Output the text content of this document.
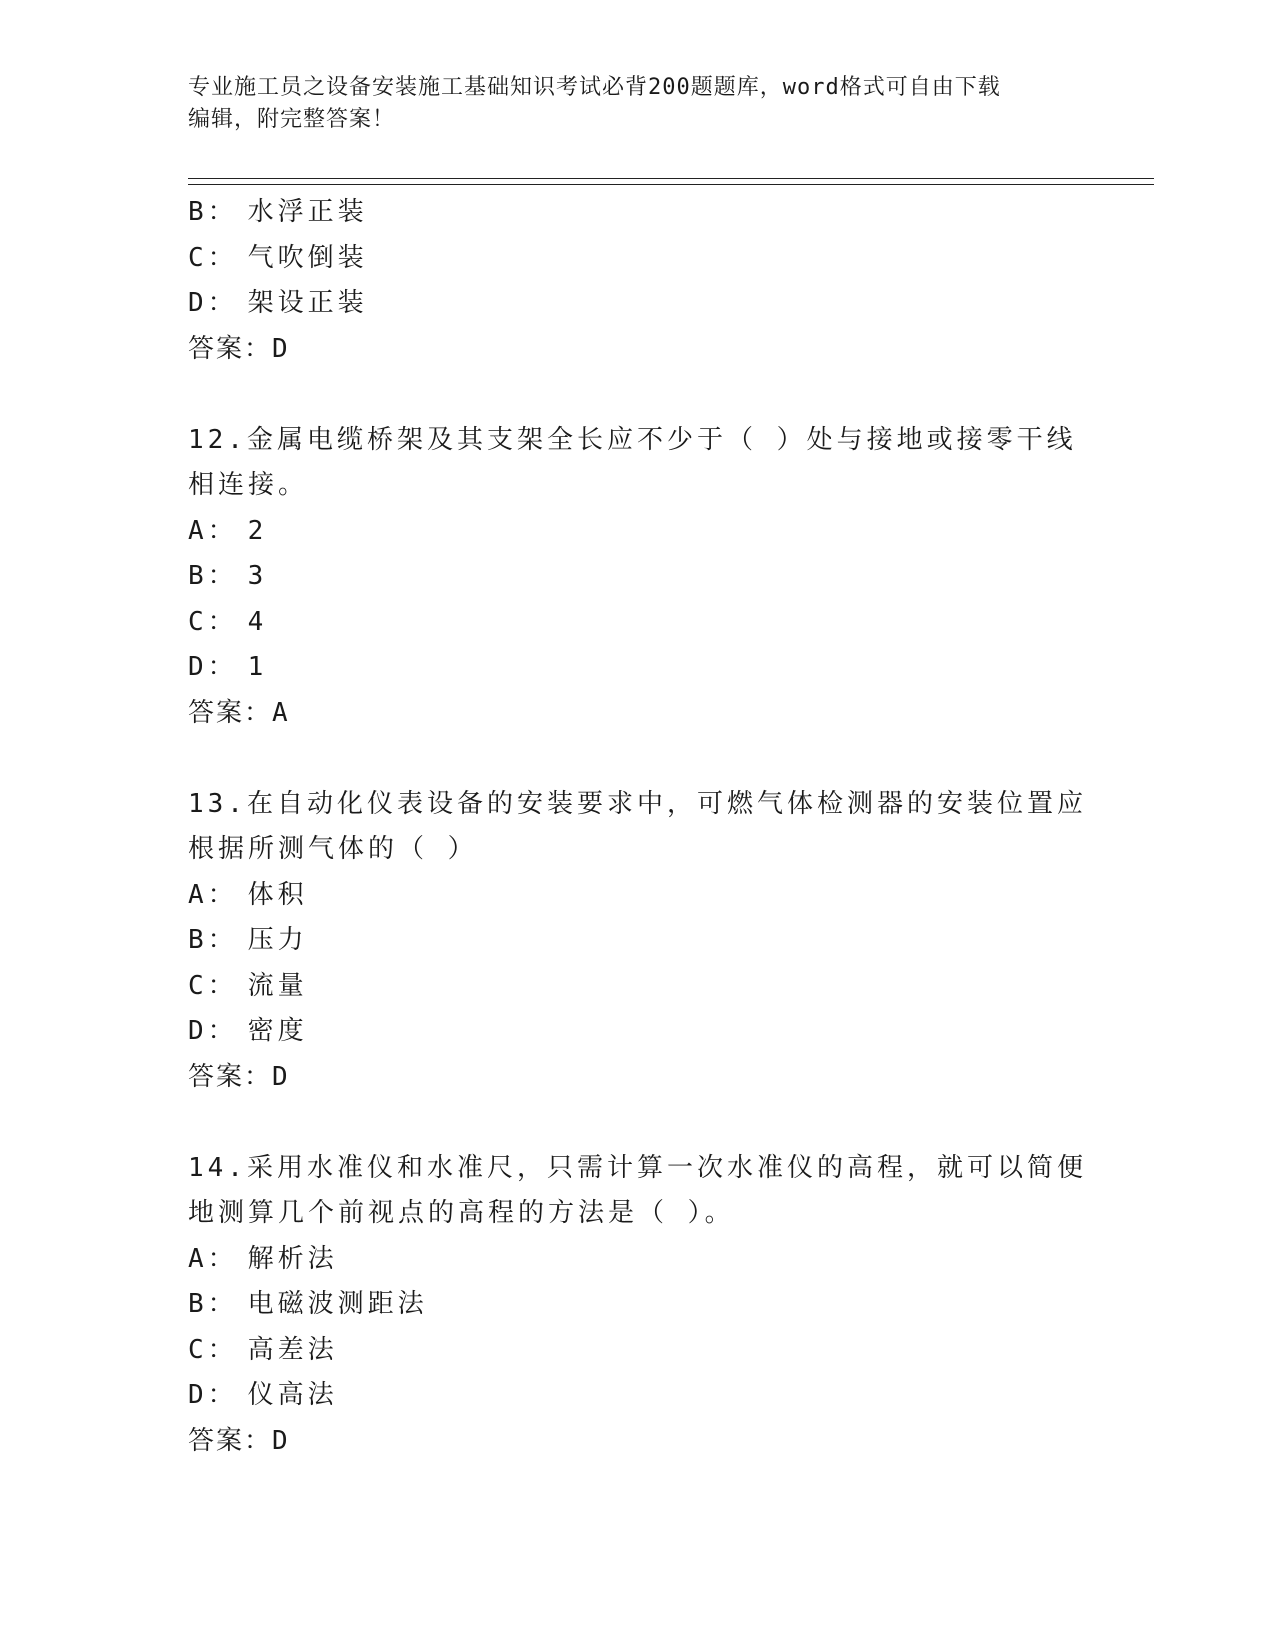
专业施工员之设备安装施工基础知识考试必背200题题库，word格式可自由下载
编辑，附完整答案！
B： 水浮正装
C： 气吹倒装
D： 架设正装
答案：D
12.金属电缆桥架及其支架全长应不少于（ ）处与接地或接零干线相连接。
A： 2
B： 3
C： 4
D： 1
答案：A
13.在自动化仪表设备的安装要求中，可燃气体检测器的安装位置应根据所测气体的（ ）
A： 体积
B： 压力
C： 流量
D： 密度
答案：D
14.采用水准仪和水准尺，只需计算一次水准仪的高程，就可以简便地测算几个前视点的高程的方法是（ ）。
A： 解析法
B： 电磁波测距法
C： 高差法
D： 仪高法
答案：D
